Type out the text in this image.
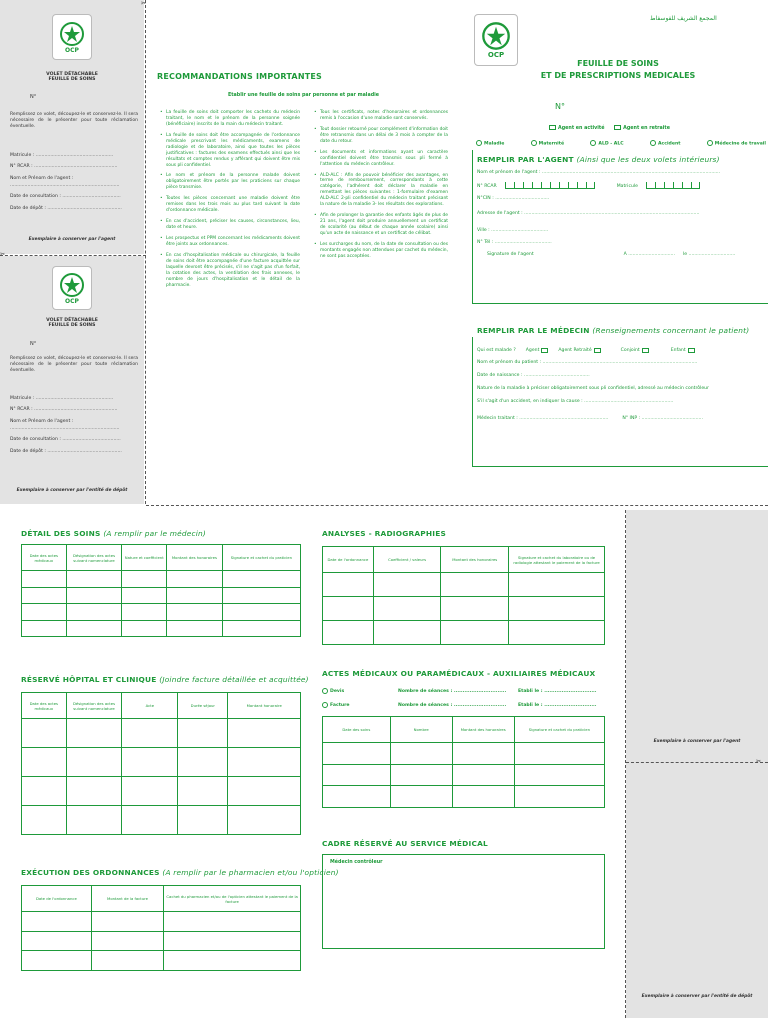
OCP
VOLET DÉTACHABLE
FEUILLE DE SOINS
N°
Remplissez ce volet, découpez-le et conservez-le. Il sera nécessaire de le présenter pour toute réclamation éventuelle.
Matricule : .....................................................
N° RCAR : .........................................................
Nom et Prénom de l'agent :
...........................................................................
Date de consultation : ........................................
Date de dépôt : ...................................................
Exemplaire à conserver par l'agent
✂
✂
OCP
VOLET DÉTACHABLE
FEUILLE DE SOINS
N°
Remplissez ce volet, découpez-le et conservez-le. Il sera nécessaire de le présenter pour toute réclamation éventuelle.
Matricule : .....................................................
N° RCAR : .........................................................
Nom et Prénom de l'agent :
...........................................................................
Date de consultation : ........................................
Date de dépôt : ...................................................
Exemplaire à conserver par l'entité de dépôt
RECOMMANDATIONS IMPORTANTES
Etablir une feuille de soins par personne et par maladie
• La feuille de soins doit comporter les cachets du médecin traitant, le nom et le prénom de la personne soignée (bénéficiaire) inscrits de la main du médecin traitant.
• La feuille de soins doit être accompagnée de l'ordonnance médicale prescrivant les médicaments, examens de radiologie et de laboratoire, ainsi que toutes les pièces justificatives : factures des examens effectués ainsi que les résultats et comptes rendus y afférant qui doivent être mis sous pli confidentiel.
• Le nom et prénom de la personne malade doivent obligatoirement être portés par les praticiens sur chaque pièce transmise.
• Toutes les pièces concernant une maladie doivent être remises dans les trois mois au plus tard suivant la date d'ordonnance médicale.
• En cas d'accident, préciser les causes, circonstances, lieu, date et heure.
• Les prospectus et PPM concernant les médicaments doivent être joints aux ordonnances.
• En cas d'hospitalisation médicale ou chirurgicale, la feuille de soins doit être accompagnée d'une facture acquittée sur laquelle devront être précisés, s'il ne s'agit pas d'un forfait, la cotation des actes, la ventilation des frais annexes, le nombre de jours d'hospitalisation et le détail de la pharmacie.
• Tous les certificats, notes d'honoraires et ordonnances remis à l'occasion d'une maladie sont conservés.
• Tout dossier retourné pour complément d'information doit être retransmis dans un délai de 3 mois à compter de la date du retour.
• Les documents et informations ayant un caractère confidentiel doivent être transmis sous pli fermé à l'attention du médecin contrôleur.
• ALD-ALC : Afin de pouvoir bénéficier des avantages, en terme de remboursement, correspondants à cette catégorie, l'adhérent doit déclarer la maladie en remettant les pièces suivantes : 1-formulaire d'examen ALD-ALC 2-pli confidentiel du médecin traitant précisant la nature de la maladie 3- les résultats des explorations.
• Afin de prolonger la garantie des enfants âgés de plus de 21 ans, l'agent doit produire annuellement un certificat de scolarité (au début de chaque année scolaire) ainsi qu'un acte de naissance et un certificat de célibat.
• Les surcharges du nom, de la date de consultation ou des montants engagés non attendues par cachet du médecin, ne sont pas acceptées.
OCP
المجمع الشريف للفوسفاط
FEUILLE DE SOINS
ET DE PRESCRIPTIONS MEDICALES
N°
Agent en activité	Agent en retraite
Maladie	Maternité	ALD - ALC	Accident	Médecine de travail
REMPLIR PAR L'AGENT (Ainsi que les deux volets intérieurs)
Nom et prénom de l'agent : ..........................................................................................................................
N° RCAR	Matricule
N°CIN : .....................................
Adresse de l'agent : ........................................................................................................................
Ville : .......................................
N° Tél : .......................................
Signature de l'agent	A ................................ le ................................
REMPLIR PAR LE MÉDECIN (Renseignements concernant le patient)
Qui est malade ? Agent	Agent Retraité	Conjoint	Enfant
Nom et prénom du patient : ..........................................................................................................
Date de naissance : .............................................
Nature de la maladie à préciser obligatoirement sous pli confidentiel, adressé au médecin contrôleur
S'il s'agit d'un accident, en indiquer la cause : .............................................................
Médecin traitant : .............................................................	N° INP : ..........................................
✂
Exemplaire à conserver par l'agent
Exemplaire à conserver par l'entité de dépôt
DÉTAIL DES SOINS (A remplir par le médecin)
Date des actes médicaux	Désignation des actes suivant nomenclature	Nature et coefficient	Montant des honoraires	Signature et cachet du praticien

RÉSERVÉ HÔPITAL ET CLINIQUE (Joindre facture détaillée et acquittée)
Date des actes médicaux	Désignation des actes suivant nomenclature	Acte	Durée séjour	Montant honoraire

EXÉCUTION DES ORDONNANCES (A remplir par le pharmacien et/ou l'opticien)
Date de l'ordonnance	Montant de la facture	Cachet du pharmacien et/ou de l'opticien attestant le paiement de la facture

ANALYSES - RADIOGRAPHIES
Date de l'ordonnance	Coefficient / valeurs	Montant des honoraires	Signature et cachet du laboratoire ou de radiologie attestant le paiement de la facture

ACTES MÉDICAUX OU PARAMÉDICAUX - AUXILIAIRES MÉDICAUX
Devis	Nombre de séances : ..............................	Etabli le : ..............................
Facture	Nombre de séances : ..............................	Etabli le : ..............................
Date des soins	Nombre	Montant des honoraires	Signature et cachet du praticien

CADRE RÉSERVÉ AU SERVICE MÉDICAL
Médecin contrôleur
